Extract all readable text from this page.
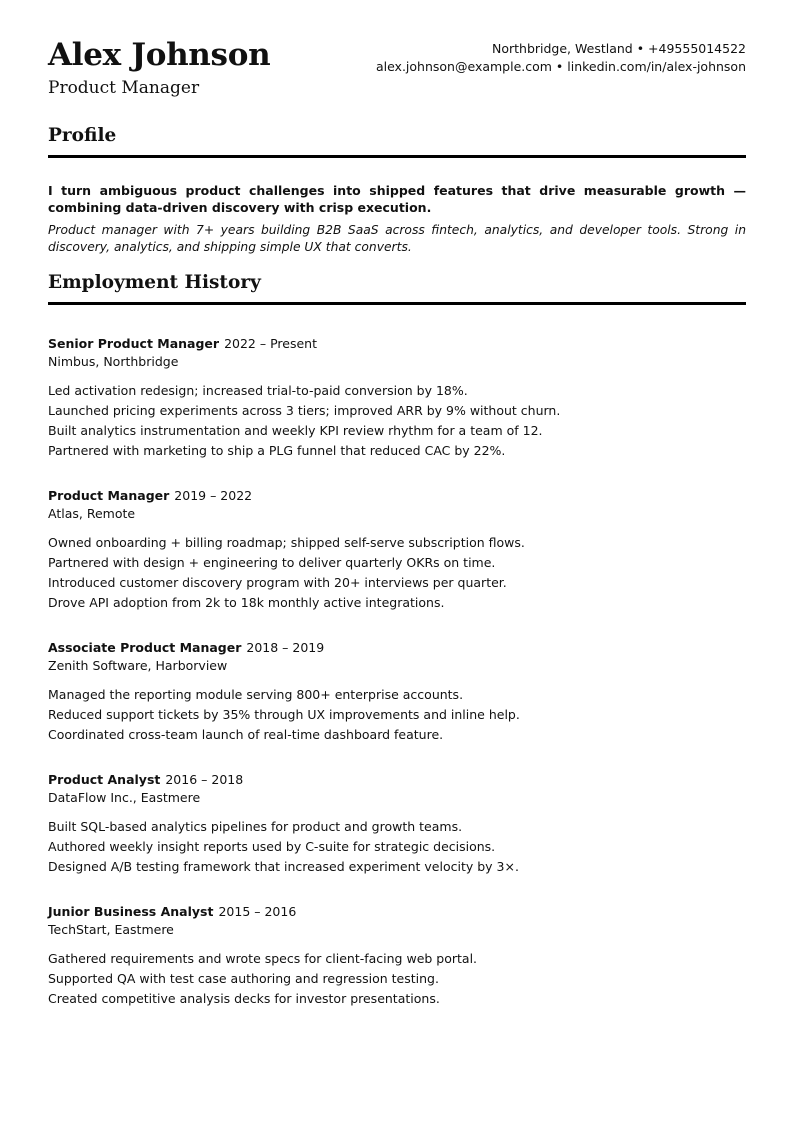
Alex Johnson
Product Manager
Northbridge, Westland • +49555014522
alex.johnson@example.com • linkedin.com/in/alex-johnson
Profile
I turn ambiguous product challenges into shipped features that drive measurable growth — combining data-driven discovery with crisp execution.
Product manager with 7+ years building B2B SaaS across fintech, analytics, and developer tools. Strong in discovery, analytics, and shipping simple UX that converts.
Employment History
Senior Product Manager 2022 – Present
Nimbus, Northbridge
Led activation redesign; increased trial-to-paid conversion by 18%.
Launched pricing experiments across 3 tiers; improved ARR by 9% without churn.
Built analytics instrumentation and weekly KPI review rhythm for a team of 12.
Partnered with marketing to ship a PLG funnel that reduced CAC by 22%.
Product Manager 2019 – 2022
Atlas, Remote
Owned onboarding + billing roadmap; shipped self-serve subscription flows.
Partnered with design + engineering to deliver quarterly OKRs on time.
Introduced customer discovery program with 20+ interviews per quarter.
Drove API adoption from 2k to 18k monthly active integrations.
Associate Product Manager 2018 – 2019
Zenith Software, Harborview
Managed the reporting module serving 800+ enterprise accounts.
Reduced support tickets by 35% through UX improvements and inline help.
Coordinated cross-team launch of real-time dashboard feature.
Product Analyst 2016 – 2018
DataFlow Inc., Eastmere
Built SQL-based analytics pipelines for product and growth teams.
Authored weekly insight reports used by C-suite for strategic decisions.
Designed A/B testing framework that increased experiment velocity by 3×.
Junior Business Analyst 2015 – 2016
TechStart, Eastmere
Gathered requirements and wrote specs for client-facing web portal.
Supported QA with test case authoring and regression testing.
Created competitive analysis decks for investor presentations.
